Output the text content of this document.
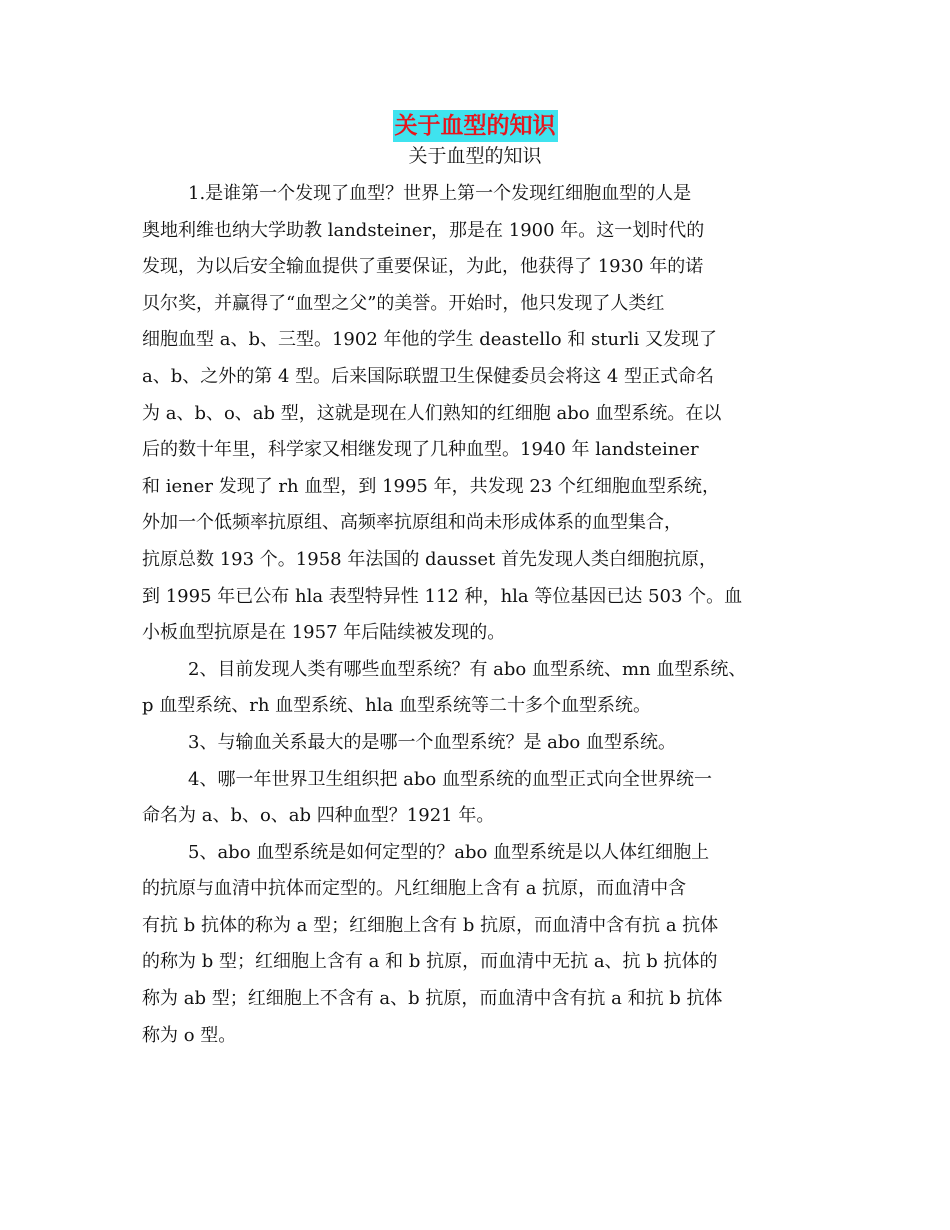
关于血型的知识
关于血型的知识
1.是谁第一个发现了血型？世界上第一个发现红细胞血型的人是
奥地利维也纳大学助教 landsteiner，那是在 1900 年。这一划时代的
发现，为以后安全输血提供了重要保证，为此，他获得了 1930 年的诺
贝尔奖，并赢得了“血型之父”的美誉。开始时，他只发现了人类红
细胞血型 a、b、三型。1902 年他的学生 deastello 和 sturli 又发现了
a、b、之外的第 4 型。后来国际联盟卫生保健委员会将这 4 型正式命名
为 a、b、o、ab 型，这就是现在人们熟知的红细胞 abo 血型系统。在以
后的数十年里，科学家又相继发现了几种血型。1940 年 landsteiner
和 iener 发现了 rh 血型，到 1995 年，共发现 23 个红细胞血型系统，
外加一个低频率抗原组、高频率抗原组和尚未形成体系的血型集合，
抗原总数 193 个。1958 年法国的 dausset 首先发现人类白细胞抗原，
到 1995 年已公布 hla 表型特异性 112 种，hla 等位基因已达 503 个。血
小板血型抗原是在 1957 年后陆续被发现的。
2、目前发现人类有哪些血型系统？有 abo 血型系统、mn 血型系统、
p 血型系统、rh 血型系统、hla 血型系统等二十多个血型系统。
3、与输血关系最大的是哪一个血型系统？是 abo 血型系统。
4、哪一年世界卫生组织把 abo 血型系统的血型正式向全世界统一
命名为 a、b、o、ab 四种血型？1921 年。
5、abo 血型系统是如何定型的？abo 血型系统是以人体红细胞上
的抗原与血清中抗体而定型的。凡红细胞上含有 a 抗原，而血清中含
有抗 b 抗体的称为 a 型；红细胞上含有 b 抗原，而血清中含有抗 a 抗体
的称为 b 型；红细胞上含有 a 和 b 抗原，而血清中无抗 a、抗 b 抗体的
称为 ab 型；红细胞上不含有 a、b 抗原，而血清中含有抗 a 和抗 b 抗体
称为 o 型。
